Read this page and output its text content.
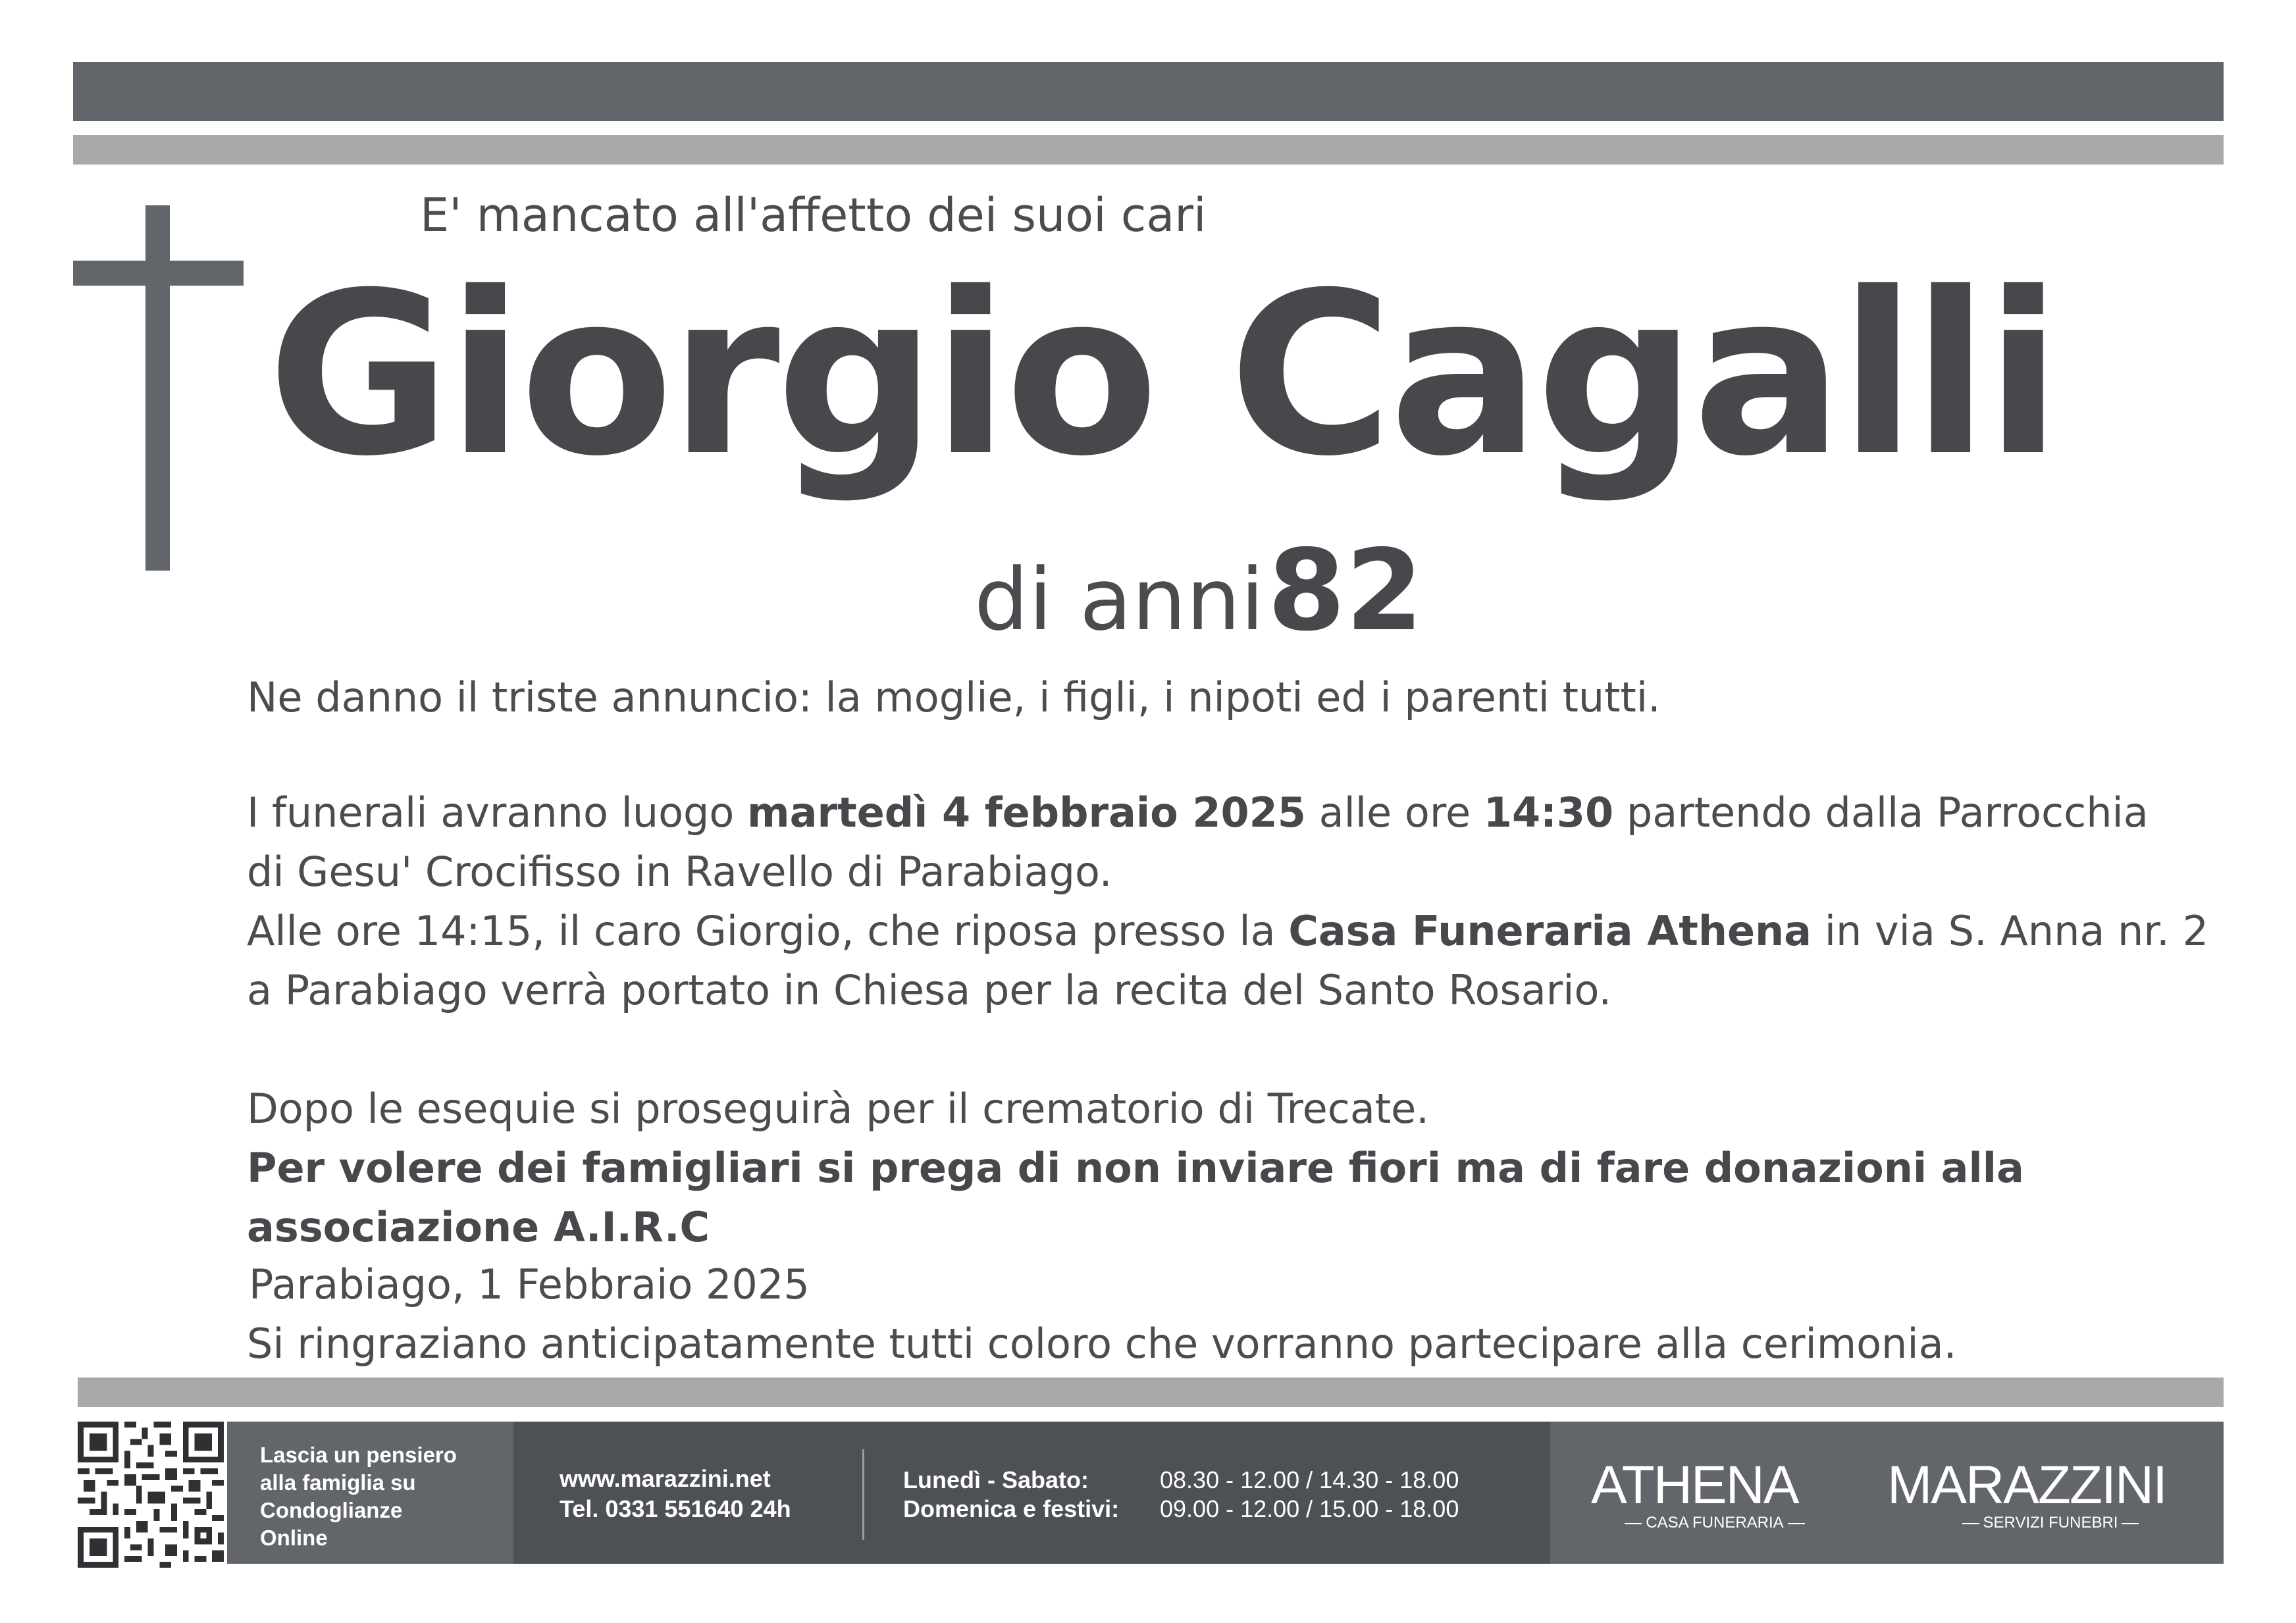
E' mancato all'affetto dei suoi cari
Giorgio Cagalli
di anni 82
Ne danno il triste annuncio: la moglie, i figli, i nipoti ed i parenti tutti.
I funerali avranno luogo martedì 4 febbraio 2025 alle ore 14:30 partendo dalla Parrocchia
di Gesu' Crocifisso in Ravello di Parabiago.
Alle ore 14:15, il caro Giorgio, che riposa presso la Casa Funeraria Athena in via S. Anna nr. 2
a Parabiago verrà portato in Chiesa per la recita del Santo Rosario.
Dopo le esequie si proseguirà per il crematorio di Trecate.
Per volere dei famigliari si prega di non inviare fiori ma di fare donazioni alla associazione A.I.R.C
Parabiago, 1 Febbraio 2025
Si ringraziano anticipatamente tutti coloro che vorranno partecipare alla cerimonia.
Lascia un pensiero
alla famiglia su
Condoglianze
Online
www.marazzini.net
Tel. 0331 551640 24h
Lunedì - Sabato:	08.30 - 12.00 / 14.30 - 18.00
Domenica e festivi: 09.00 - 12.00 / 15.00 - 18.00 ATHENA
CASA FUNERARIA
MARAZZINI
SERVIZI FUNEBRI
